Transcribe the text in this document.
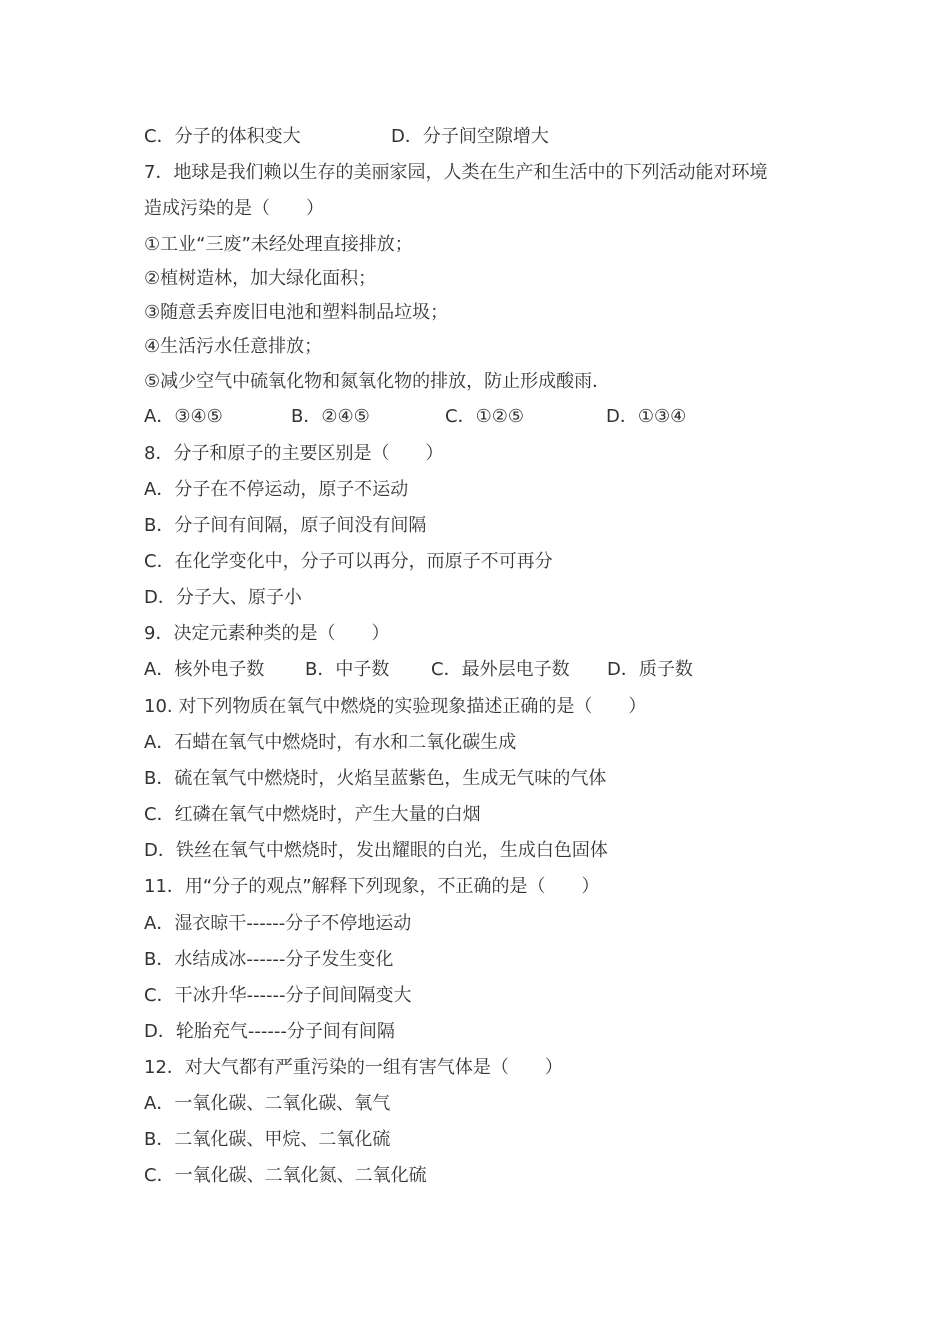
C．分子的体积变大	D．分子间空隙增大
7．地球是我们赖以生存的美丽家园，人类在生产和生活中的下列活动能对环境
造成污染的是（　　）
①工业“三废”未经处理直接排放；
②植树造林，加大绿化面积；
③随意丢弃废旧电池和塑料制品垃圾；
④生活污水任意排放；
⑤减少空气中硫氧化物和氮氧化物的排放，防止形成酸雨．
A．③④⑤	B．②④⑤	C．①②⑤	D．①③④
8．分子和原子的主要区别是（　　）
A．分子在不停运动，原子不运动
B．分子间有间隔，原子间没有间隔
C．在化学变化中，分子可以再分，而原子不可再分
D．分子大、原子小
9．决定元素种类的是（　　）
A．核外电子数 B．中子数 C．最外层电子数 D．质子数
10. 对下列物质在氧气中燃烧的实验现象描述正确的是（　　）
A．石蜡在氧气中燃烧时，有水和二氧化碳生成
B．硫在氧气中燃烧时，火焰呈蓝紫色，生成无气味的气体
C．红磷在氧气中燃烧时，产生大量的白烟
D．铁丝在氧气中燃烧时，发出耀眼的白光，生成白色固体
11．用“分子的观点”解释下列现象，不正确的是（　　）
A．湿衣晾干------分子不停地运动
B．水结成冰------分子发生变化
C．干冰升华------分子间间隔变大
D．轮胎充气------分子间有间隔
12．对大气都有严重污染的一组有害气体是（　　）
A．一氧化碳、二氧化碳、氧气
B．二氧化碳、甲烷、二氧化硫
C．一氧化碳、二氧化氮、二氧化硫
